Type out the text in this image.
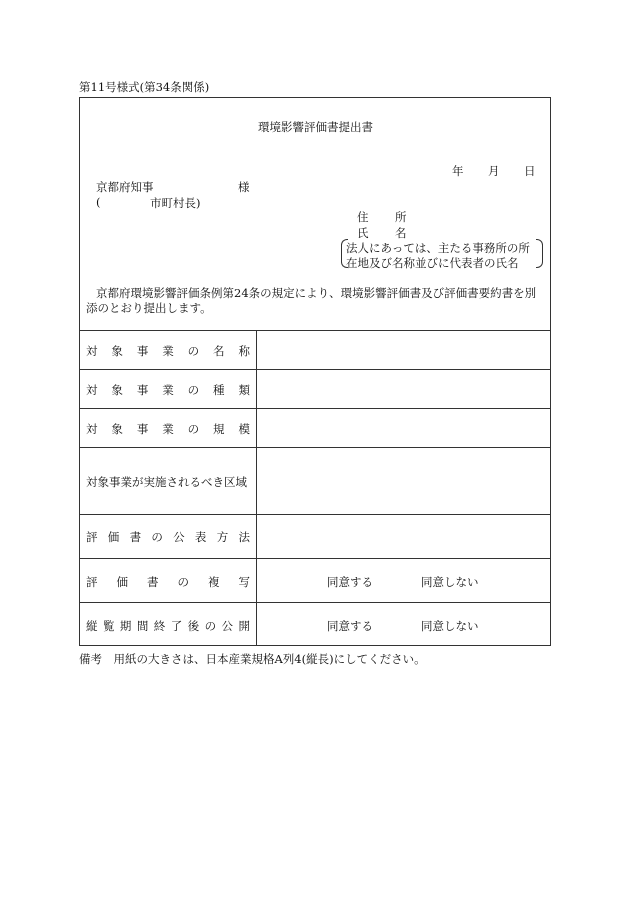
第11号様式(第34条関係)
環境影響評価書提出書
年 月 日
京都府知事	様
(	市町村長)
住 所
氏 名
法人にあっては、主たる事務所の所
在地及び名称並びに代表者の氏名
京都府環境影響評価条例第24条の規定により、環境影響評価書及び評価書要約書を別
添のとおり提出します。
対 象 事 業 の 名 称
対 象 事 業 の 種 類
対 象 事 業 の 規 模
対象事業が実施されるべき区域
評 価 書 の 公 表 方 法
評 価 書 の 複 写	同意する	同意しない
縦 覧 期 間 終 了 後 の 公 開	同意する	同意しない
備考　用紙の大きさは、日本産業規格A列4(縦長)にしてください。
